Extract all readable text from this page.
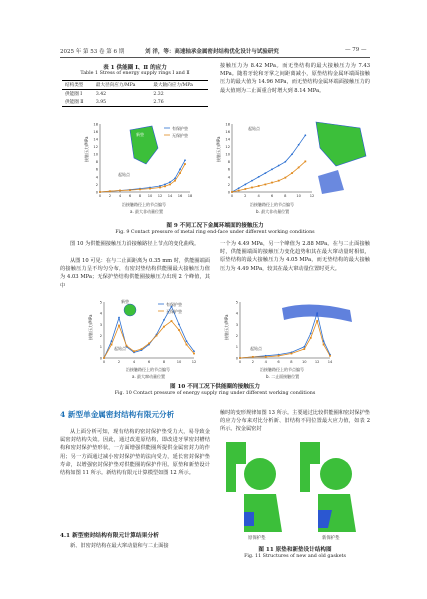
2025 年 第 53 卷 第 6 期	刘 洋，等：高速轴承金属密封结构优化设计与试验研究	— 79 —
表 1 供能圈 Ⅰ、Ⅱ 的应力
Table 1 Stress of energy supply rings Ⅰ and Ⅱ
结构类型	最大径向应力/MPa	最大轴向应力/MPa
供能圈 Ⅰ	3.42	2.32
供能圈 Ⅱ	3.95	2.76
接触压力为 8.42 MPa。而无垫结构的最大接触压力为 7.43 MPa。随着牙轮和牙掌之间距离减小，原垫结构金属环端面接触压力的最大值为 14.96 MPa，而无垫结构金属环端面接触压力的最大值则为二止面重合时增大到 8.14 MPa。
18
16
14
12
10
8
6
4
2
0
0 2 4 6 8 10 12 14 16 18
新垫
起始点
有保护垫
无保护垫
接触压力/MPa
沿接触路径上的节点编号
a. 最大非动量位置
18
16
14
12
10
8
6
4
2
0
0	2	4	6	8	10 12
起始点
接触压力/MPa
沿接触路径上的节点编号
b. 最大非动量位置
图 9 不同工况下金属环端面的接触压力
Fig. 9 Contact pressure of metal ring end-face under different working conditions
图 10 为供能圈接触压力沿接触路径上节点的变化曲线。
从图 10 可见：在与二止面距离为 0.35 mm 时，供能圈端面的接触压力呈不均匀分布，有密封垫结构供能圈最大接触压力值为 4.03 MPa；无保护垫结构供能圈接触压力出现 2 个峰值，其中
一个为 4.49 MPa，另一个峰值为 2.88 MPa。在与二止面接触时，供能圈端面的接触压力变化趋势和其在最大窜动量时相似，原垫结构的最大接触压力为 4.05 MPa，而无垫结构的最大接触压力为 4.49 MPa，较其在最大窜动量位置时更大。
5
4
3
2
1
0
0	2	4	6	8	10	12
新垫
起始点
有保护垫
无保护垫
接触压力/MPa
沿接触路径上的节点编号
a. 最大窜动量位置
5
4
3
2
1
0
0	2	4	6	8	10 12 14
起始点
接触压力/MPa
沿接触路径上的节点编号
b. 二止面接触位置
图 10 不同工况下供能圈的接触压力
Fig. 10 Contact pressure of energy supply ring under different working conditions
4 新型单金属密封结构有限元分析
从上面分析可知，现有结构的密封保护垫受力大，易导致金属密封结构失效。因此，通过改进原结构，即改进牙掌密封槽结构和密封保护垫形状，一方面增强供能圈所提供金属密封力的作用；另一方面通过减小密封保护垫的法向受力，延长密封保护垫寿命，以增强密封保护垫对供能圈的保护作用。原垫和新垫设计结构如图 11 所示。新结构有限元计算模型如图 12 所示。
4.1 新型密封结构有限元计算结果分析
新、旧密封结构在最大窜动量和与二止面接
触时的变形规律如图 13 所示。主要通过比较供能圈和密封保护垫的应力分布来对比分析新、旧结构不同位置最大应力值，如表 2 所示。按金属密封
原保护垫	新保护垫
图 11 原垫和新垫设计结构图
Fig. 11 Structures of new and old gaskets
